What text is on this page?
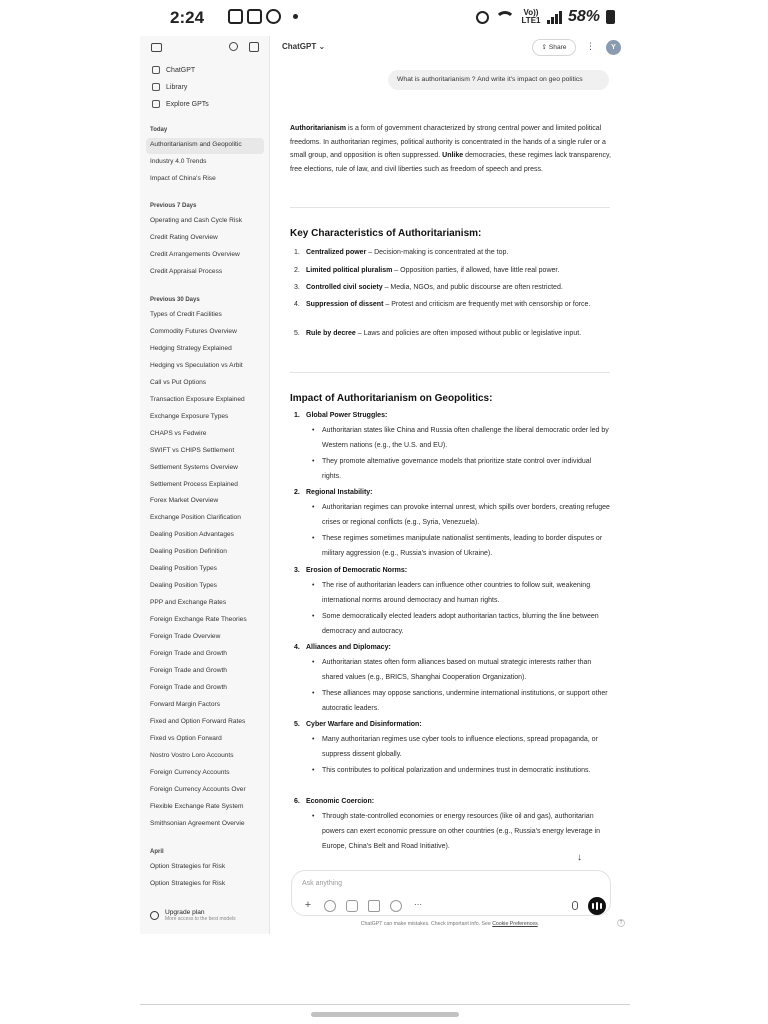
2:24	Vo)) LTE1 58%
ChatGPT
Library
Explore GPTs
Today
Authoritarianism and Geopolitic
Industry 4.0 Trends
Impact of China's Rise
Previous 7 Days
Operating and Cash Cycle Risk
Credit Rating Overview
Credit Arrangements Overview
Credit Appraisal Process
Previous 30 Days
Types of Credit Facilities
Commodity Futures Overview
Hedging Strategy Explained
Hedging vs Speculation vs Arbit
Call vs Put Options
Transaction Exposure Explained
Exchange Exposure Types
CHAPS vs Fedwire
SWIFT vs CHIPS Settlement
Settlement Systems Overview
Settlement Process Explained
Forex Market Overview
Exchange Position Clarification
Dealing Position Advantages
Dealing Position Definition
Dealing Position Types
Dealing Position Types
PPP and Exchange Rates
Foreign Exchange Rate Theories
Foreign Trade Overview
Foreign Trade and Growth
Foreign Trade and Growth
Foreign Trade and Growth
Forward Margin Factors
Fixed and Option Forward Rates
Fixed vs Option Forward
Nostro Vostro Loro Accounts
Foreign Currency Accounts
Foreign Currency Accounts Over
Flexible Exchange Rate System
Smithsonian Agreement Overvie
April
Option Strategies for Risk
Option Strategies for Risk
Upgrade plan
More access to the best models
ChatGPT ⌄	⇪ Share	⋮	Y
What is authoritarianism ? And write it's impact on geo politics
Authoritarianism is a form of government characterized by strong central power and limited political freedoms. In authoritarian regimes, political authority is concentrated in the hands of a single ruler or a small group, and opposition is often suppressed. Unlike democracies, these regimes lack transparency, free elections, rule of law, and civil liberties such as freedom of speech and press.
Key Characteristics of Authoritarianism:
1. Centralized power – Decision-making is concentrated at the top.
2. Limited political pluralism – Opposition parties, if allowed, have little real power.
3. Controlled civil society – Media, NGOs, and public discourse are often restricted.
4. Suppression of dissent – Protest and criticism are frequently met with censorship or force.
5. Rule by decree – Laws and policies are often imposed without public or legislative input.
Impact of Authoritarianism on Geopolitics:
1. Global Power Struggles:
•	Authoritarian states like China and Russia often challenge the liberal democratic order led by Western nations (e.g., the U.S. and EU).
•	They promote alternative governance models that prioritize state control over individual rights.
2. Regional Instability:
•	Authoritarian regimes can provoke internal unrest, which spills over borders, creating refugee crises or regional conflicts (e.g., Syria, Venezuela).
•	These regimes sometimes manipulate nationalist sentiments, leading to border disputes or military aggression (e.g., Russia's invasion of Ukraine).
3. Erosion of Democratic Norms:
•	The rise of authoritarian leaders can influence other countries to follow suit, weakening international norms around democracy and human rights.
•	Some democratically elected leaders adopt authoritarian tactics, blurring the line between democracy and autocracy.
4. Alliances and Diplomacy:
•	Authoritarian states often form alliances based on mutual strategic interests rather than shared values (e.g., BRICS, Shanghai Cooperation Organization).
•	These alliances may oppose sanctions, undermine international institutions, or support other autocratic leaders.
5. Cyber Warfare and Disinformation:
•	Many authoritarian regimes use cyber tools to influence elections, spread propaganda, or suppress dissent globally.
•	This contributes to political polarization and undermines trust in democratic institutions.
6. Economic Coercion:
•	Through state-controlled economies or energy resources (like oil and gas), authoritarian powers can exert economic pressure on other countries (e.g., Russia's energy leverage in Europe, China's Belt and Road Initiative).
↓
Ask anything
+	⋯
ChatGPT can make mistakes. Check important info. See Cookie Preferences.	?
